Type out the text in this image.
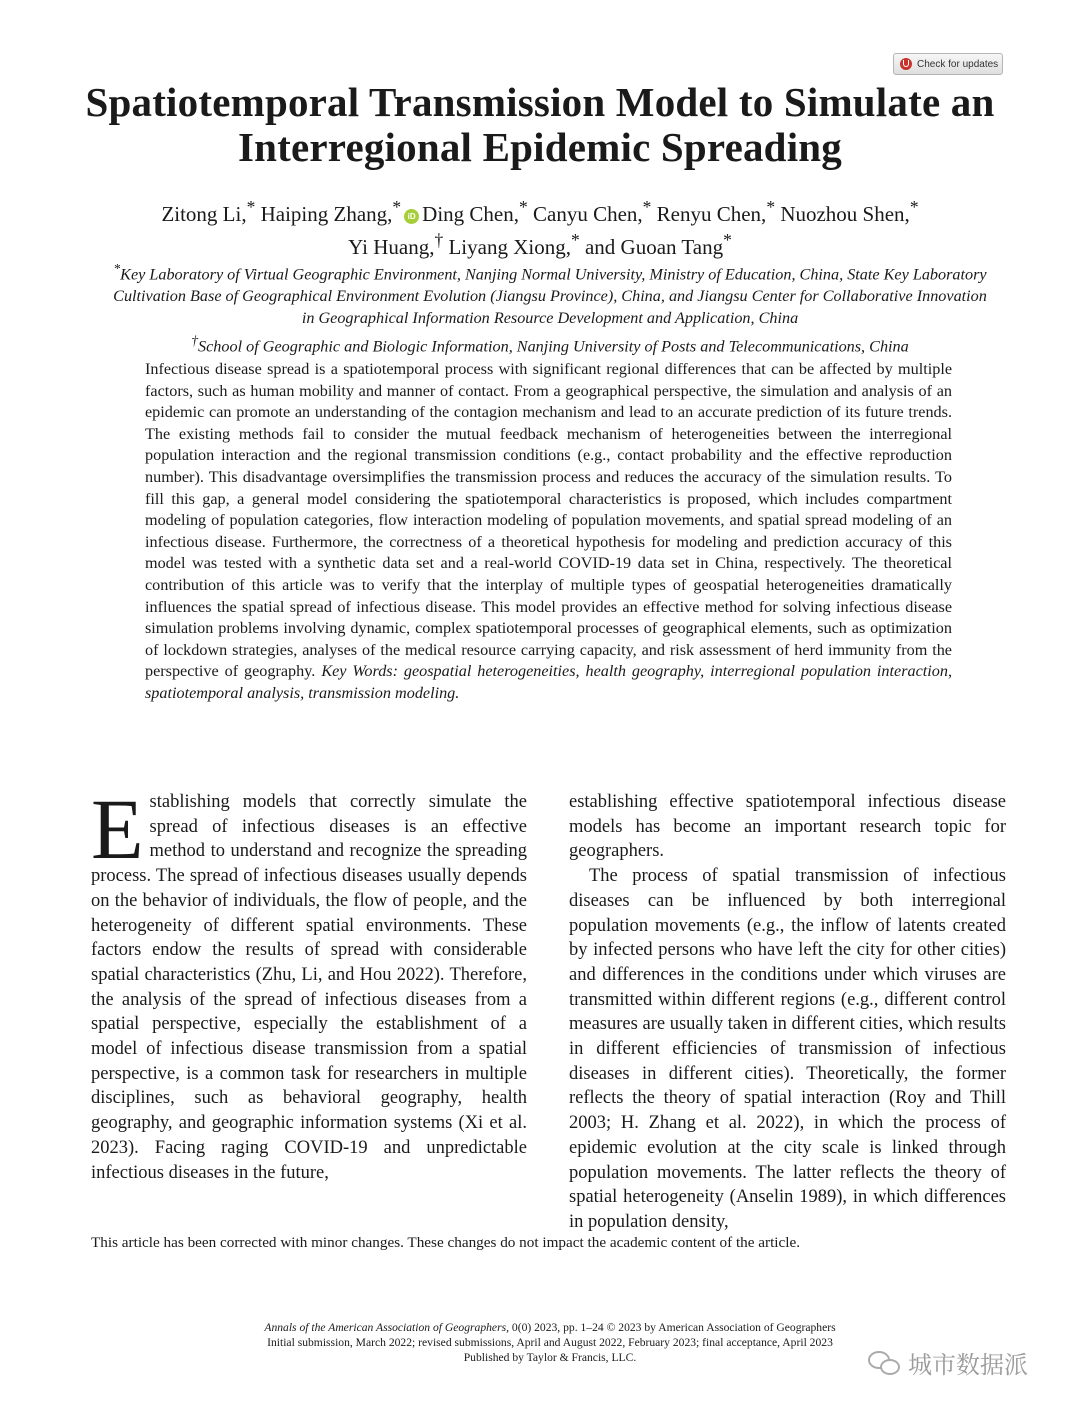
Check for updates
Spatiotemporal Transmission Model to Simulate an Interregional Epidemic Spreading

Zitong Li,* Haiping Zhang,* iD Ding Chen,* Canyu Chen,* Renyu Chen,* Nuozhou Shen,*
Yi Huang,† Liyang Xiong,* and Guoan Tang*

*Key Laboratory of Virtual Geographic Environment, Nanjing Normal University, Ministry of Education, China, State Key Laboratory Cultivation Base of Geographical Environment Evolution (Jiangsu Province), China, and Jiangsu Center for Collaborative Innovation in Geographical Information Resource Development and Application, China
†School of Geographic and Biologic Information, Nanjing University of Posts and Telecommunications, China

Infectious disease spread is a spatiotemporal process with significant regional differences that can be affected by multiple factors, such as human mobility and manner of contact. From a geographical perspective, the simulation and analysis of an epidemic can promote an understanding of the contagion mechanism and lead to an accurate prediction of its future trends. The existing methods fail to consider the mutual feedback mechanism of heterogeneities between the interregional population interaction and the regional transmission conditions (e.g., contact probability and the effective reproduction number). This disadvantage oversimplifies the transmission process and reduces the accuracy of the simulation results. To fill this gap, a general model considering the spatiotemporal characteristics is proposed, which includes compartment modeling of population categories, flow interaction modeling of population movements, and spatial spread modeling of an infectious disease. Furthermore, the correctness of a theoretical hypothesis for modeling and prediction accuracy of this model was tested with a synthetic data set and a real-world COVID-19 data set in China, respectively. The theoretical contribution of this article was to verify that the interplay of multiple types of geospatial heterogeneities dramatically influences the spatial spread of infectious disease. This model provides an effective method for solving infectious disease simulation problems involving dynamic, complex spatiotemporal processes of geographical elements, such as optimization of lockdown strategies, analyses of the medical resource carrying capacity, and risk assessment of herd immunity from the perspective of geography. Key Words: geospatial heterogeneities, health geography, interregional population interaction, spatiotemporal analysis, transmission modeling.

Establishing models that correctly simulate the spread of infectious diseases is an effective method to understand and recognize the spreading process. The spread of infectious diseases usually depends on the behavior of individuals, the flow of people, and the heterogeneity of different spatial environments. These factors endow the results of spread with considerable spatial characteristics (Zhu, Li, and Hou 2022). Therefore, the analysis of the spread of infectious diseases from a spatial perspective, especially the establishment of a model of infectious disease transmission from a spatial perspective, is a common task for researchers in multiple disciplines, such as behavioral geography, health geography, and geographic information systems (Xi et al. 2023). Facing raging COVID-19 and unpredictable infectious diseases in the future,

establishing effective spatiotemporal infectious disease models has become an important research topic for geographers.

The process of spatial transmission of infectious diseases can be influenced by both interregional population movements (e.g., the inflow of latents created by infected persons who have left the city for other cities) and differences in the conditions under which viruses are transmitted within different regions (e.g., different control measures are usually taken in different cities, which results in different efficiencies of transmission of infectious diseases in different cities). Theoretically, the former reflects the theory of spatial interaction (Roy and Thill 2003; H. Zhang et al. 2022), in which the process of epidemic evolution at the city scale is linked through population movements. The latter reflects the theory of spatial heterogeneity (Anselin 1989), in which differences in population density,

This article has been corrected with minor changes. These changes do not impact the academic content of the article.

Annals of the American Association of Geographers, 0(0) 2023, pp. 1–24 © 2023 by American Association of Geographers
Initial submission, March 2022; revised submissions, April and August 2022, February 2023; final acceptance, April 2023
Published by Taylor & Francis, LLC.	城市数据派
